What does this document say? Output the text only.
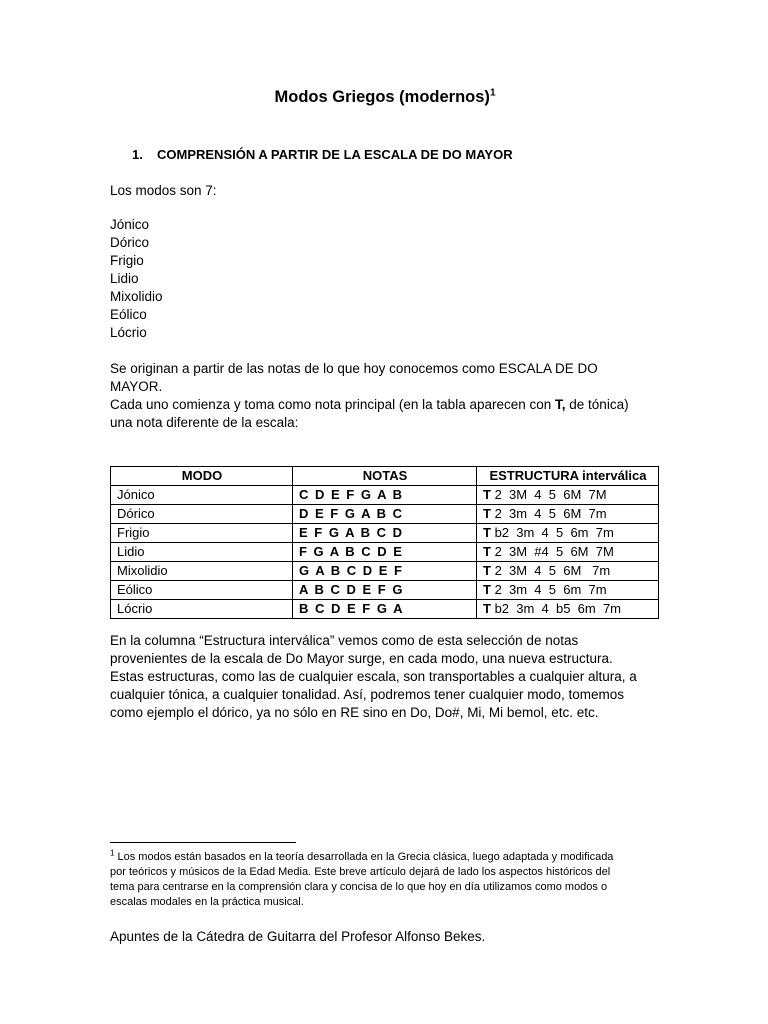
Modos Griegos (modernos)$^1$
1. COMPRENSIÓN A PARTIR DE LA ESCALA DE DO MAYOR
Los modos son 7:
Jónico
Dórico
Frigio
Lidio
Mixolidio
Eólico
Lócrio
Se originan a partir de las notas de lo que hoy conocemos como ESCALA DE DO
MAYOR.
Cada uno comienza y toma como nota principal (en la tabla aparecen con T, de tónica)
una nota diferente de la escala:
MODO	NOTAS	ESTRUCTURA interválica
Jónico	C D E F G A B	T 2  3M  4  5  6M  7M
Dórico	D E F G A B C	T 2  3m  4  5  6M  7m
Frigio	E F G A B C D	T b2  3m  4  5  6m  7m
Lidio	F G A B C D E	T 2  3M  #4  5  6M  7M
Mixolidio	G A B C D E F	T 2  3M  4  5  6M   7m
Eólico	A B C D E F G	T 2  3m  4  5  6m  7m
Lócrio	B C D E F G A	T b2  3m  4  b5  6m  7m
En la columna “Estructura interválica” vemos como de esta selección de notas
provenientes de la escala de Do Mayor surge, en cada modo, una nueva estructura.
Estas estructuras, como las de cualquier escala, son transportables a cualquier altura, a
cualquier tónica, a cualquier tonalidad. Así, podremos tener cualquier modo, tomemos
como ejemplo el dórico, ya no sólo en RE sino en Do, Do#, Mi, Mi bemol, etc. etc.
$^1$ Los modos están basados en la teoría desarrollada en la Grecia clásica, luego adaptada y modificada
por teóricos y músicos de la Edad Media. Este breve artículo dejará de lado los aspectos históricos del
tema para centrarse en la comprensión clara y concisa de lo que hoy en día utilizamos como modos o
escalas modales en la práctica musical.
Apuntes de la Cátedra de Guitarra del Profesor Alfonso Bekes.
